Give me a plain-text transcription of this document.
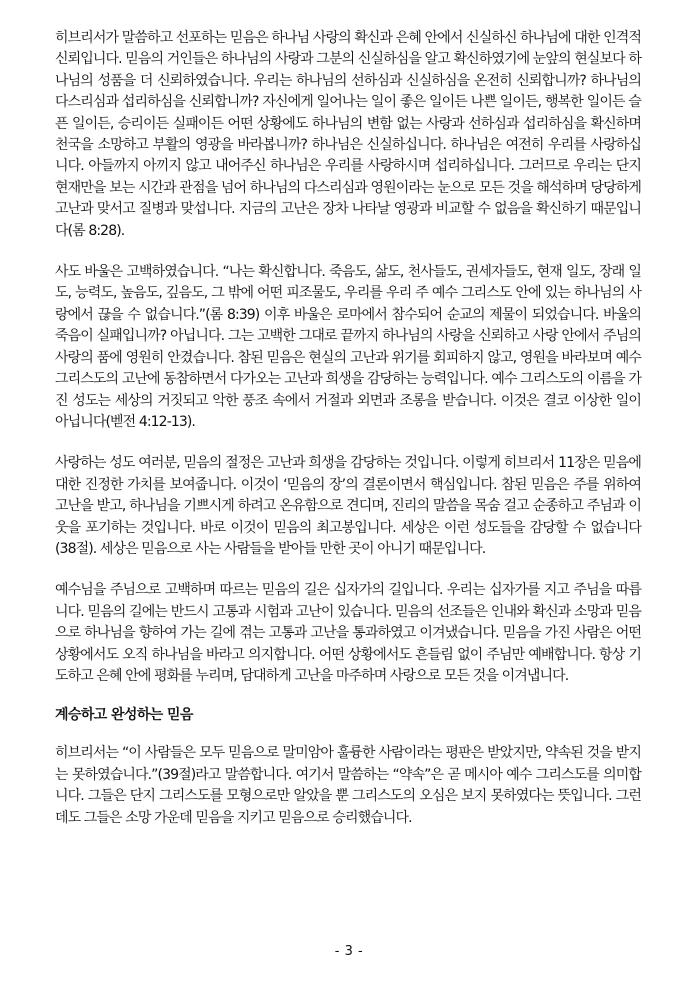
히브리서가 말씀하고 선포하는 믿음은 하나님 사랑의 확신과 은혜 안에서 신실하신 하나님에 대한 인격적 신뢰입니다. 믿음의 거인들은 하나님의 사랑과 그분의 신실하심을 알고 확신하였기에 눈앞의 현실보다 하나님의 성품을 더 신뢰하였습니다. 우리는 하나님의 선하심과 신실하심을 온전히 신뢰합니까? 하나님의 다스리심과 섭리하심을 신뢰합니까? 자신에게 일어나는 일이 좋은 일이든 나쁜 일이든, 행복한 일이든 슬픈 일이든, 승리이든 실패이든 어떤 상황에도 하나님의 변함 없는 사랑과 선하심과 섭리하심을 확신하며 천국을 소망하고 부활의 영광을 바라봅니까? 하나님은 신실하십니다. 하나님은 여전히 우리를 사랑하십니다. 아들까지 아끼지 않고 내어주신 하나님은 우리를 사랑하시며 섭리하십니다. 그러므로 우리는 단지 현재만을 보는 시간과 관점을 넘어 하나님의 다스리심과 영원이라는 눈으로 모든 것을 해석하며 당당하게 고난과 맞서고 질병과 맞섭니다. 지금의 고난은 장차 나타날 영광과 비교할 수 없음을 확신하기 때문입니다(롬 8:28).

사도 바울은 고백하였습니다. “나는 확신합니다. 죽음도, 삶도, 천사들도, 권세자들도, 현재 일도, 장래 일도, 능력도, 높음도, 깊음도, 그 밖에 어떤 피조물도, 우리를 우리 주 예수 그리스도 안에 있는 하나님의 사랑에서 끊을 수 없습니다.”(롬 8:39) 이후 바울은 로마에서 참수되어 순교의 제물이 되었습니다. 바울의 죽음이 실패입니까? 아닙니다. 그는 고백한 그대로 끝까지 하나님의 사랑을 신뢰하고 사랑 안에서 주님의 사랑의 품에 영원히 안겼습니다. 참된 믿음은 현실의 고난과 위기를 회피하지 않고, 영원을 바라보며 예수 그리스도의 고난에 동참하면서 다가오는 고난과 희생을 감당하는 능력입니다. 예수 그리스도의 이름을 가진 성도는 세상의 거짓되고 악한 풍조 속에서 거절과 외면과 조롱을 받습니다. 이것은 결코 이상한 일이 아닙니다(벧전 4:12-13).

사랑하는 성도 여러분, 믿음의 절정은 고난과 희생을 감당하는 것입니다. 이렇게 히브리서 11장은 믿음에 대한 진정한 가치를 보여줍니다. 이것이 ‘믿음의 장’의 결론이면서 핵심입니다. 참된 믿음은 주를 위하여 고난을 받고, 하나님을 기쁘시게 하려고 온유함으로 견디며, 진리의 말씀을 목숨 걸고 순종하고 주님과 이웃을 포기하는 것입니다. 바로 이것이 믿음의 최고봉입니다. 세상은 이런 성도들을 감당할 수 없습니다(38절). 세상은 믿음으로 사는 사람들을 받아들 만한 곳이 아니기 때문입니다.

예수님을 주님으로 고백하며 따르는 믿음의 길은 십자가의 길입니다. 우리는 십자가를 지고 주님을 따릅니다. 믿음의 길에는 반드시 고통과 시험과 고난이 있습니다. 믿음의 선조들은 인내와 확신과 소망과 믿음으로 하나님을 향하여 가는 길에 겪는 고통과 고난을 통과하였고 이겨냈습니다. 믿음을 가진 사람은 어떤 상황에서도 오직 하나님을 바라고 의지합니다. 어떤 상황에서도 흔들림 없이 주님만 예배합니다. 항상 기도하고 은혜 안에 평화를 누리며, 담대하게 고난을 마주하며 사랑으로 모든 것을 이겨냅니다.

계승하고 완성하는 믿음

히브리서는 “이 사람들은 모두 믿음으로 말미암아 훌륭한 사람이라는 평판은 받았지만, 약속된 것을 받지는 못하였습니다.”(39절)라고 말씀합니다. 여기서 말씀하는 “약속”은 곧 메시아 예수 그리스도를 의미합니다. 그들은 단지 그리스도를 모형으로만 알았을 뿐 그리스도의 오심은 보지 못하였다는 뜻입니다. 그런데도 그들은 소망 가운데 믿음을 지키고 믿음으로 승리했습니다.

- 3 -
